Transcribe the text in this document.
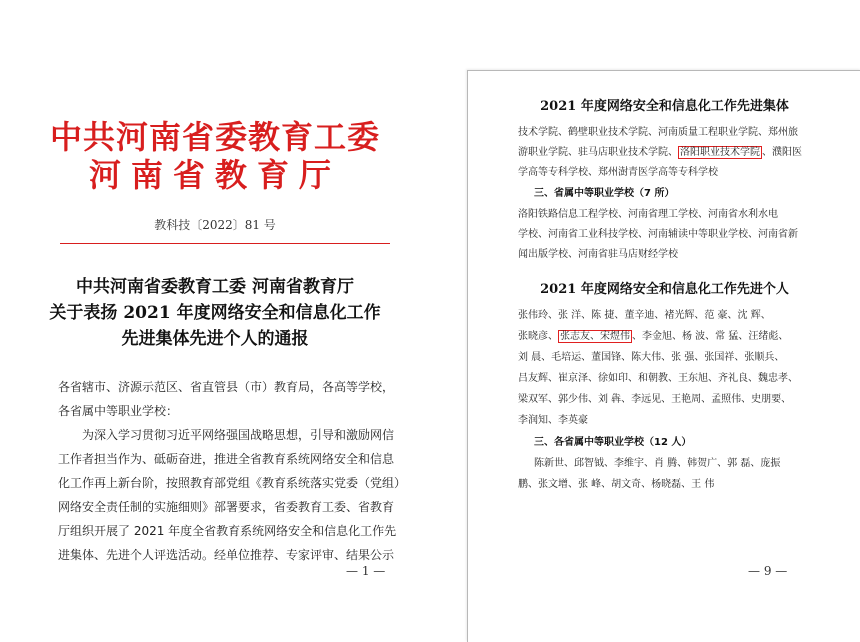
中共河南省委教育工委
河南省教育厅
教科技〔2022〕81 号
中共河南省委教育工委 河南省教育厅
关于表扬 2021 年度网络安全和信息化工作
先进集体先进个人的通报
各省辖市、济源示范区、省直管县（市）教育局，各高等学校，
各省属中等职业学校：
为深入学习贯彻习近平网络强国战略思想，引导和激励网信
工作者担当作为、砥砺奋进，推进全省教育系统网络安全和信息
化工作再上新台阶，按照教育部党组《教育系统落实党委（党组）
网络安全责任制的实施细则》部署要求，省委教育工委、省教育
厅组织开展了 2021 年度全省教育系统网络安全和信息化工作先
进集体、先进个人评选活动。经单位推荐、专家评审、结果公示
— 1 —
2021 年度网络安全和信息化工作先进集体
技术学院、鹤壁职业技术学院、河南质量工程职业学院、郑州旅
游职业学院、驻马店职业技术学院、 洛阳职业技术学院 、濮阳医
学高等专科学校、郑州澍青医学高等专科学校
三、省属中等职业学校（7 所）
洛阳铁路信息工程学校、河南省理工学校、河南省水利水电
学校、河南省工业科技学校、河南辅读中等职业学校、河南省新
闻出版学校、河南省驻马店财经学校
2021 年度网络安全和信息化工作先进个人
张伟玲、张 洋、陈 捷、董辛迪、褚光辉、范 豪、沈 辉、
张晓彦、 张志友、宋煜伟 、李金旭、杨 波、常 猛、汪绪彪、
刘 晨、毛培运、董国锋、陈大伟、张 强、张国祥、张顺兵、
吕友辉、崔京泽、徐如印、和朝教、王东旭、齐礼良、魏忠孝、
梁双军、郭少伟、刘 犇、李远见、王艳周、孟照伟、史朋要、
李润知、李英豪
三、各省属中等职业学校（12 人）
陈新世、邱智钺、李维宇、肖 腾、韩贺广、郭 磊、庞振
鹏、张文增、张 峰、胡文奇、杨晓磊、王 伟
— 9 —
